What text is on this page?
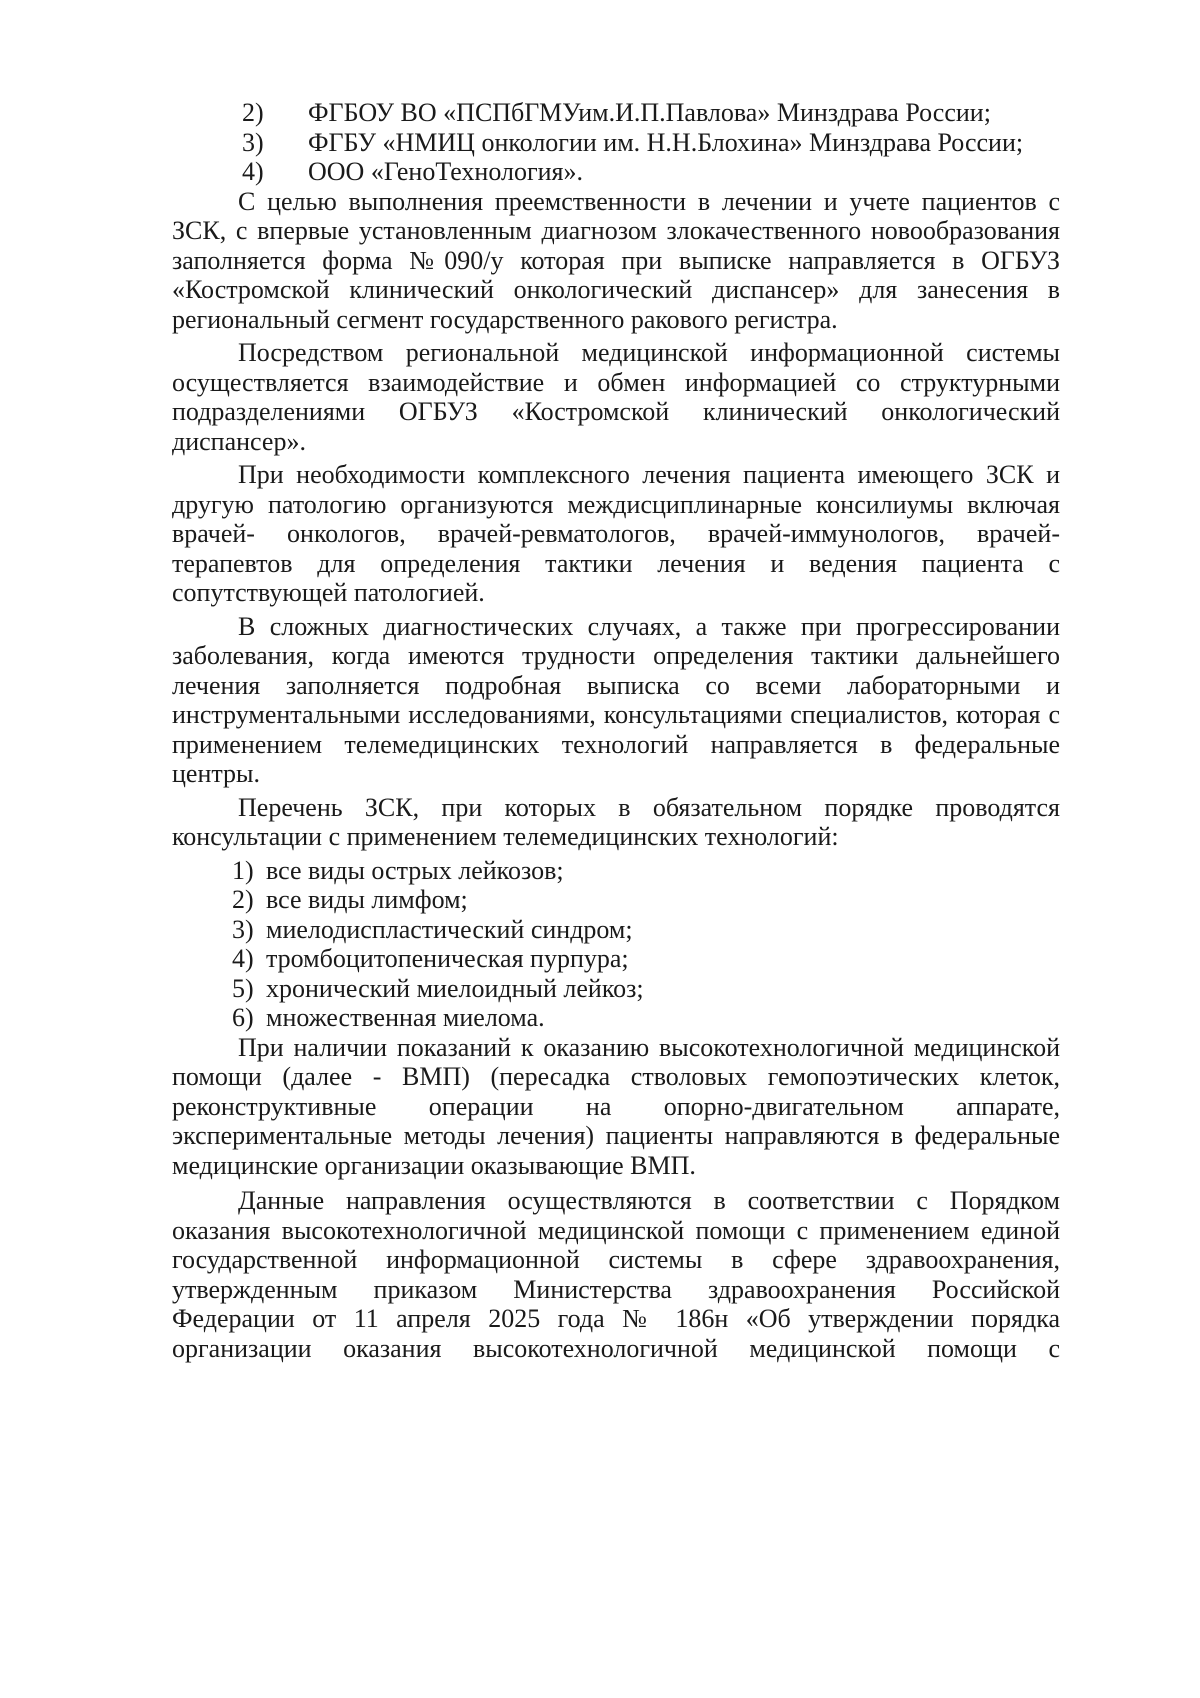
2)	ФГБОУ ВО «ПСПбГМУим.И.П.Павлова» Минздрава России;
3)	ФГБУ «НМИЦ онкологии им. Н.Н.Блохина» Минздрава России;
4)	ООО «ГеноТехнология».

С целью выполнения преемственности в лечении и учете пациентов с ЗСК, с впервые установленным диагнозом злокачественного новообразования заполняется форма №090/у которая при выписке направляется в ОГБУЗ «Костромской клинический онкологический диспансер» для занесения в региональный сегмент государственного ракового регистра.

Посредством региональной медицинской информационной системы осуществляется взаимодействие и обмен информацией со структурными подразделениями ОГБУЗ «Костромской клинический онкологический диспансер».

При необходимости комплексного лечения пациента имеющего ЗСК и другую патологию организуются междисциплинарные консилиумы включая врачей- онкологов, врачей-ревматологов, врачей-иммунологов, врачей-терапевтов для определения тактики лечения и ведения пациента с сопутствующей патологией.

В сложных диагностических случаях, а также при прогрессировании заболевания, когда имеются трудности определения тактики дальнейшего лечения заполняется подробная выписка со всеми лабораторными и инструментальными исследованиями, консультациями специалистов, которая с применением телемедицинских технологий направляется в федеральные центры.

Перечень ЗСК, при которых в обязательном порядке проводятся консультации с применением телемедицинских технологий:

1) все виды острых лейкозов;
2) все виды лимфом;
3) миелодиспластический синдром;
4) тромбоцитопеническая пурпура;
5) хронический миелоидный лейкоз;
6) множественная миелома.

При наличии показаний к оказанию высокотехнологичной медицинской помощи (далее - ВМП) (пересадка стволовых гемопоэтических клеток, реконструктивные операции на опорно-двигательном аппарате, экспериментальные методы лечения) пациенты направляются в федеральные медицинские организации оказывающие ВМП.

Данные направления осуществляются в соответствии с Порядком оказания высокотехнологичной медицинской помощи с применением единой государственной информационной системы в сфере здравоохранения, утвержденным приказом Министерства здравоохранения Российской Федерации от 11 апреля 2025 года № 186н «Об утверждении порядка организации оказания высокотехнологичной медицинской помощи с
